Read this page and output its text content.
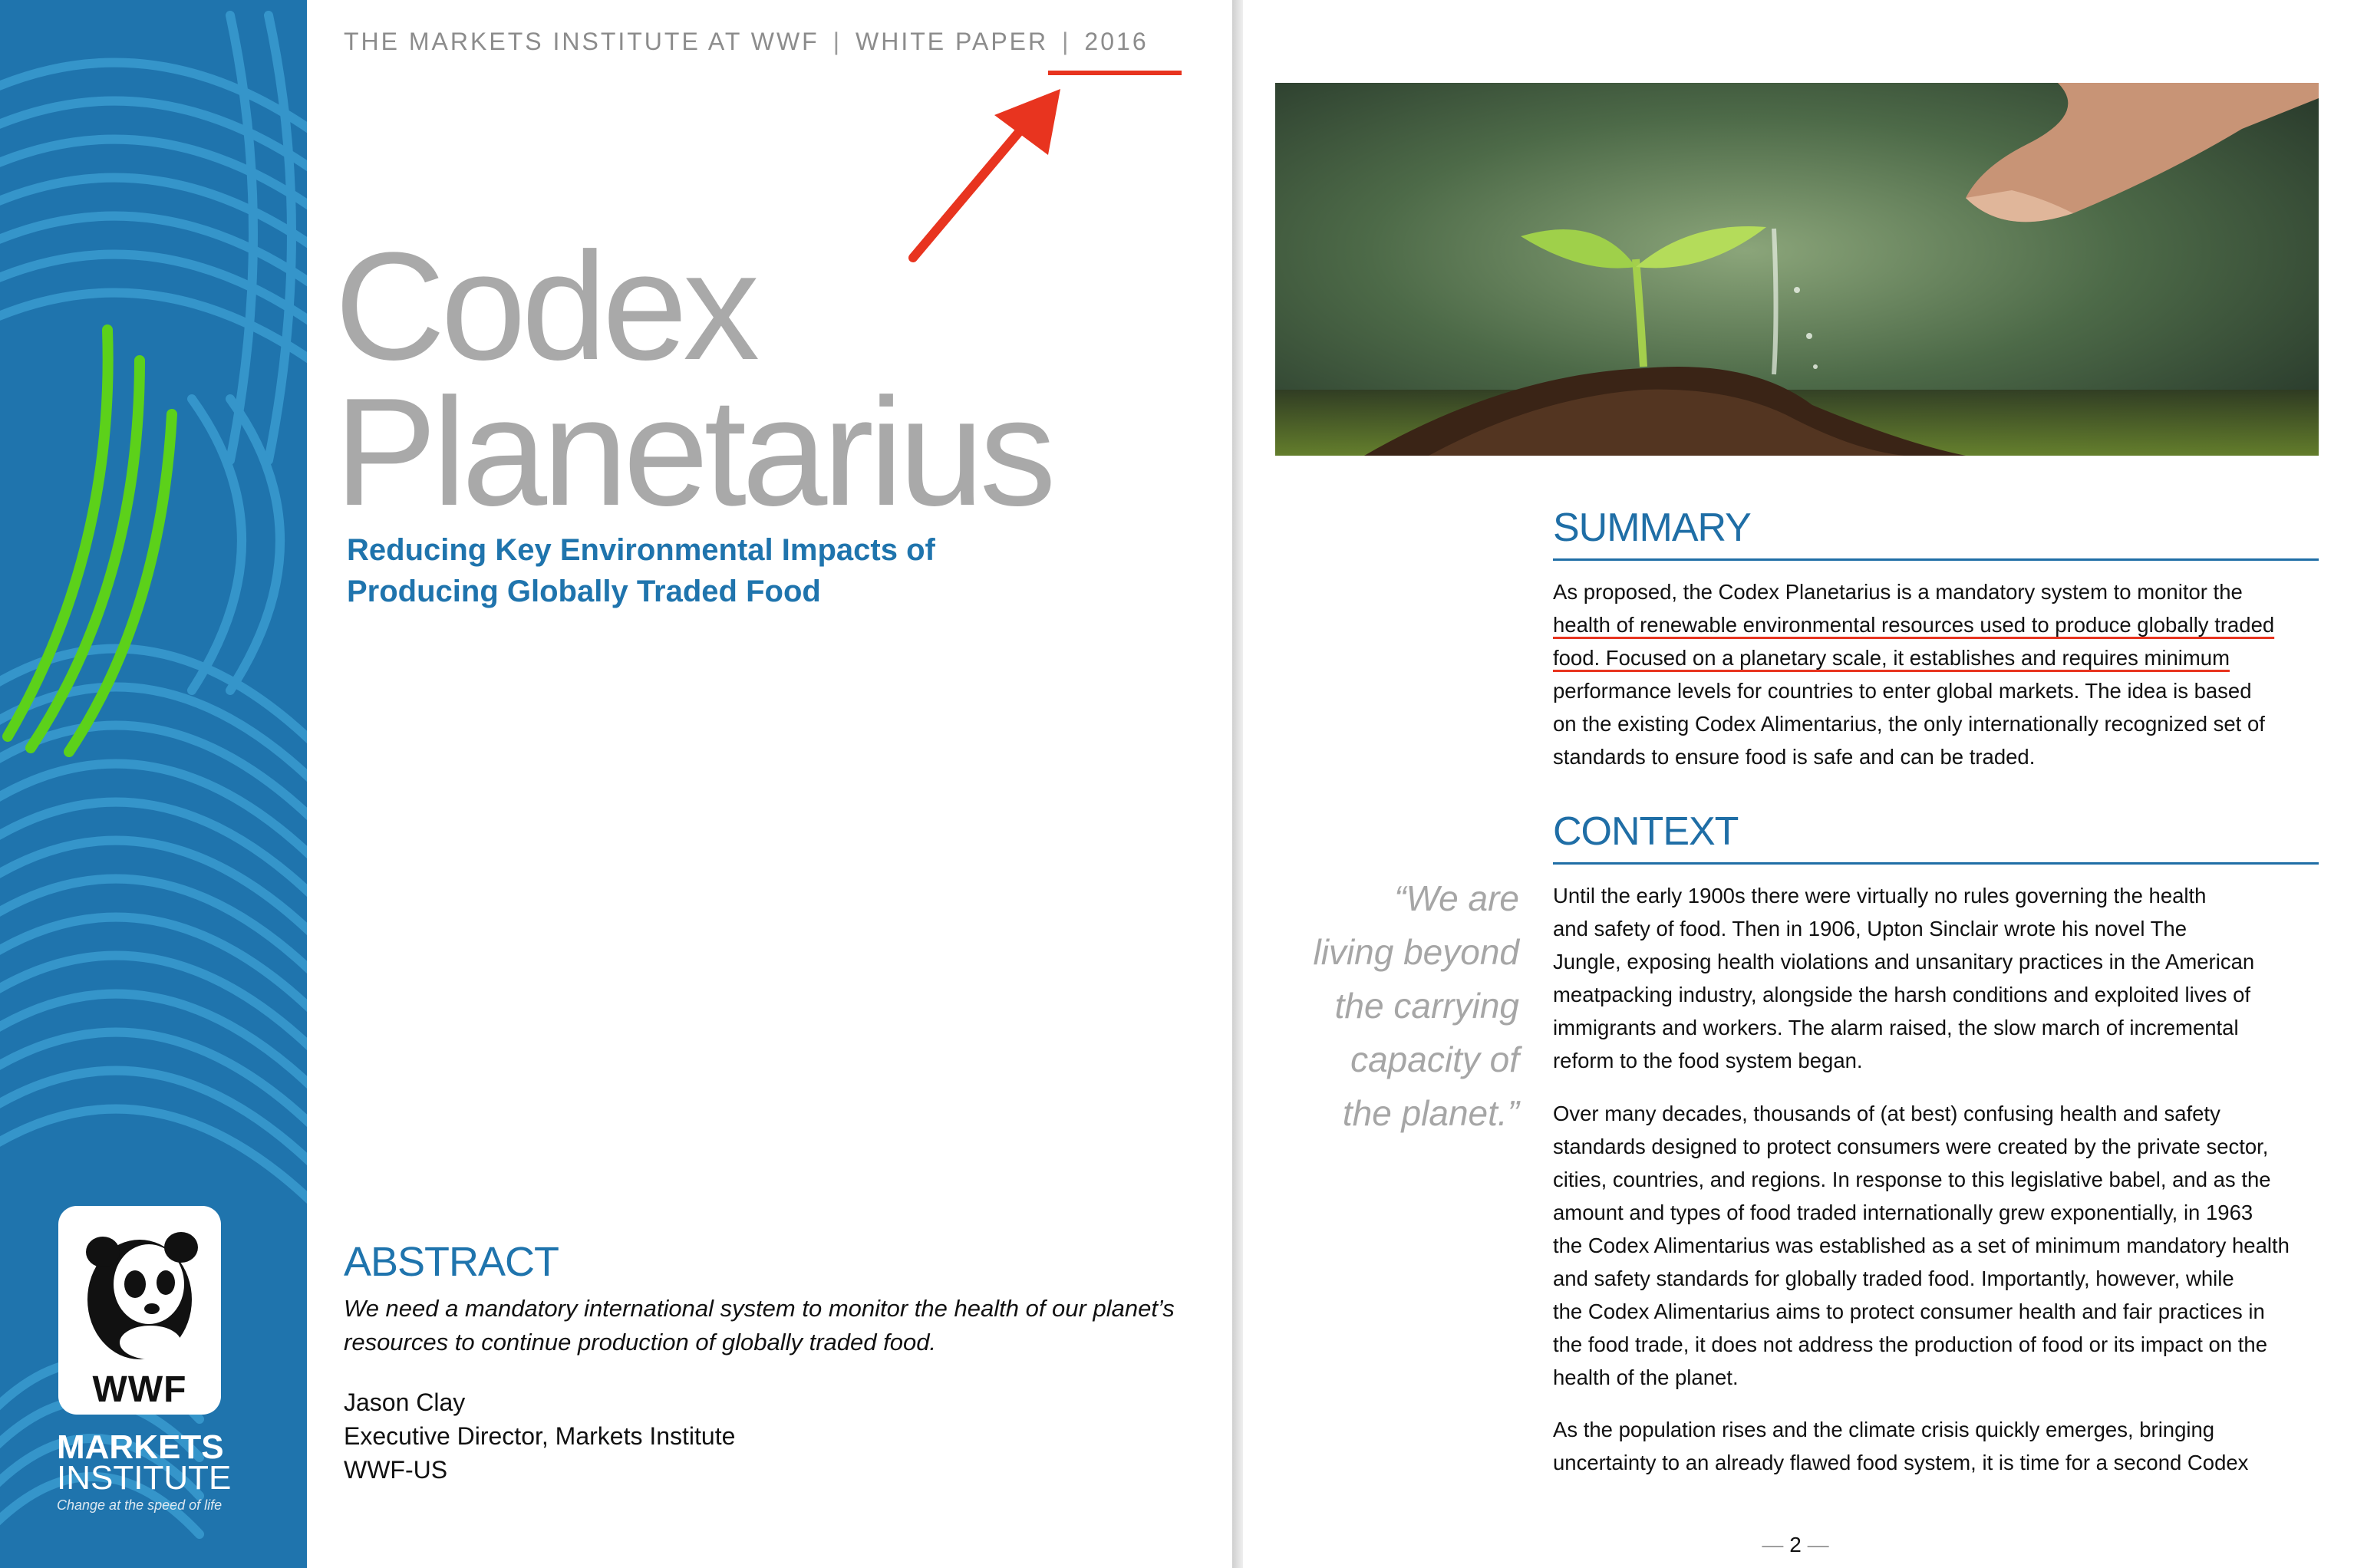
WWF
MARKETS
INSTITUTE
Change at the speed of life
THE MARKETS INSTITUTE AT WWF | WHITE PAPER | 2016
Codex
Planetarius
Reducing Key Environmental Impacts of
Producing Globally Traded Food
ABSTRACT
We need a mandatory international system to monitor the health of our planet’s
resources to continue production of globally traded food.
Jason Clay
Executive Director, Markets Institute
WWF-US
SUMMARY
As proposed, the Codex Planetarius is a mandatory system to monitor the
health of renewable environmental resources used to produce globally traded
food. Focused on a planetary scale, it establishes and requires minimum
performance levels for countries to enter global markets. The idea is based
on the existing Codex Alimentarius, the only internationally recognized set of
standards to ensure food is safe and can be traded.
CONTEXT
Until the early 1900s there were virtually no rules governing the health
and safety of food. Then in 1906, Upton Sinclair wrote his novel The
Jungle, exposing health violations and unsanitary practices in the American
meatpacking industry, alongside the harsh conditions and exploited lives of
immigrants and workers. The alarm raised, the slow march of incremental
reform to the food system began.
Over many decades, thousands of (at best) confusing health and safety
standards designed to protect consumers were created by the private sector,
cities, countries, and regions. In response to this legislative babel, and as the
amount and types of food traded internationally grew exponentially, in 1963
the Codex Alimentarius was established as a set of minimum mandatory health
and safety standards for globally traded food. Importantly, however, while
the Codex Alimentarius aims to protect consumer health and fair practices in
the food trade, it does not address the production of food or its impact on the
health of the planet.
As the population rises and the climate crisis quickly emerges, bringing
uncertainty to an already flawed food system, it is time for a second Codex
“We are
living beyond
the carrying
capacity of
the planet.”
— 2 —
